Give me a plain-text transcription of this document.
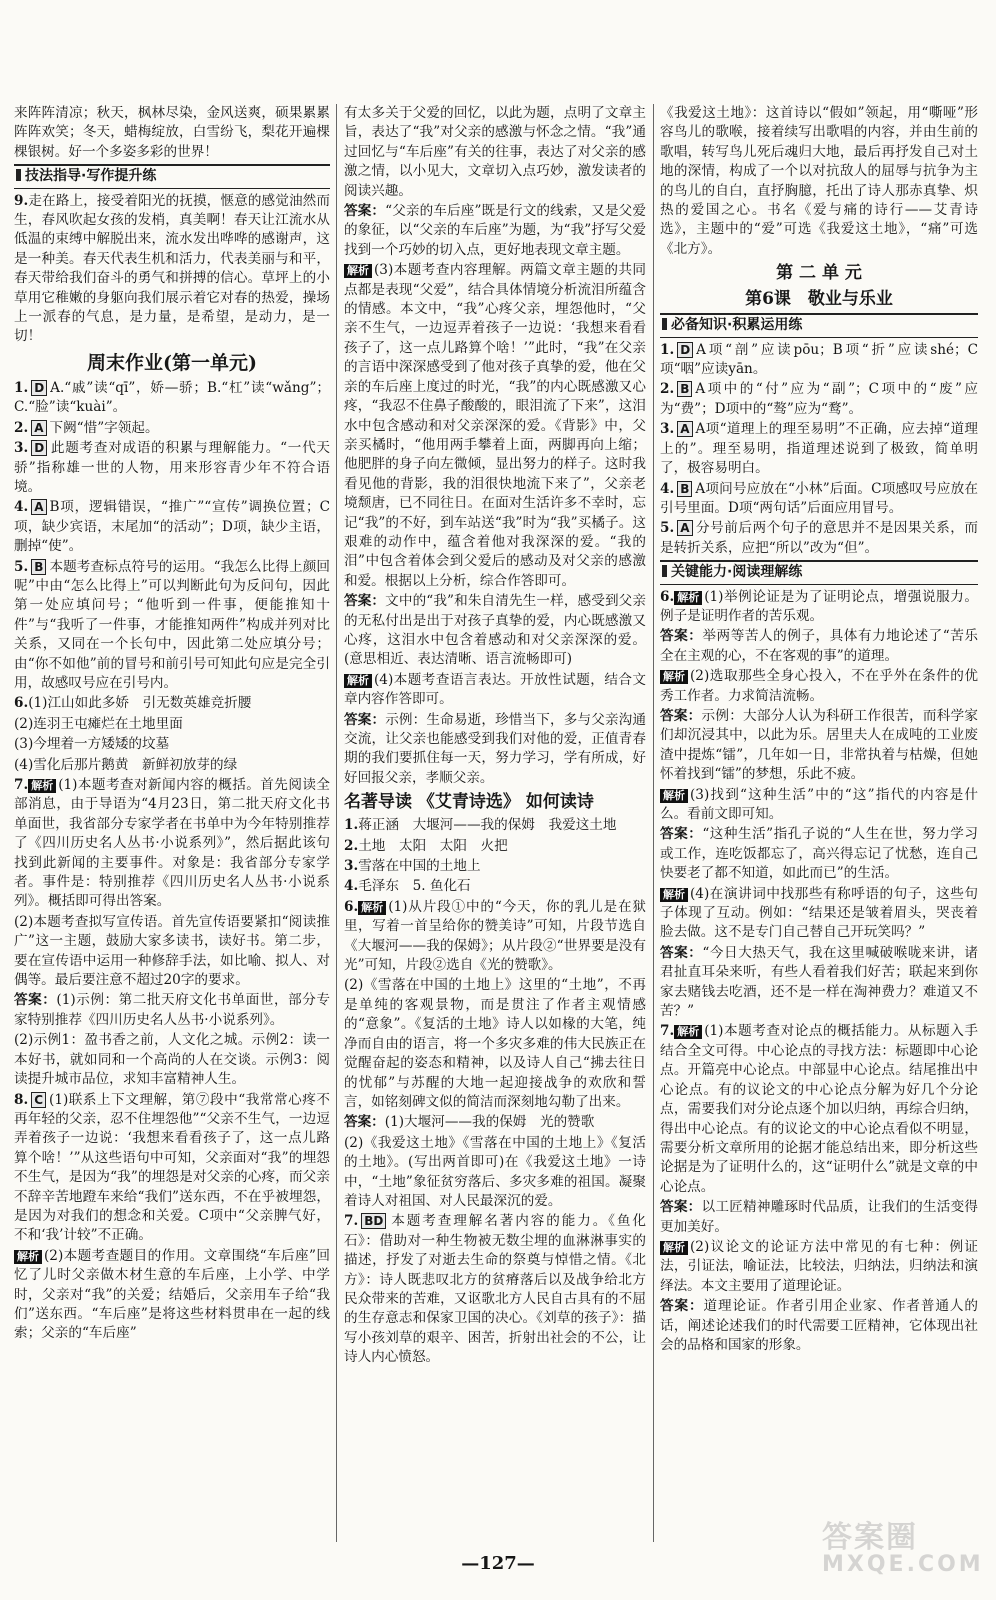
来阵阵清凉；秋天，枫林尽染，金风送爽，硕果累累阵阵欢笑；冬天，蜡梅绽放，白雪纷飞，梨花开遍棵棵银树。好一个多姿多彩的世界！
技法指导·写作提升练
9.走在路上，接受着阳光的抚摸，惬意的感觉油然而生，春风吹起女孩的发梢，真美啊！春天让江流水从低温的束缚中解脱出来，流水发出哗哗的感谢声，这是一种美。春天代表生机和活力，代表美丽与和平，春天带给我们奋斗的勇气和拼搏的信心。草坪上的小草用它稚嫩的身躯向我们展示着它对春的热爱，操场上一派春的气息，是力量，是希望，是动力，是一切！
周末作业(第一单元)
1. D A.“戚”读“qī”，娇—骄；B.“杠”读“wǎng”；C.“脸”读“kuài”。
2. A 下阙“惜”字领起。
3. D 此题考查对成语的积累与理解能力。“一代天骄”指称雄一世的人物，用来形容青少年不符合语境。
4. A B项，逻辑错误，“推广”“宣传”调换位置；C项，缺少宾语，末尾加“的活动”；D项，缺少主语，删掉“使”。
5. B 本题考查标点符号的运用。“我怎么比得上颜回呢”中由“怎么比得上”可以判断此句为反问句，因此第一处应填问号；“他听到一件事，便能推知十件”与“我听了一件事，才能推知两件”构成并列对比关系，又同在一个长句中，因此第二处应填分号；由“你不如他”前的冒号和前引号可知此句应是完全引用，故感叹号应在引号内。
6.(1)江山如此多娇　引无数英雄竞折腰
(2)连羽王屯瘫烂在土地里面
(3)今埋着一方矮矮的坟墓
(4)雪化后那片鹅黄　新鲜初放芽的绿
7. 解析 (1)本题考查对新闻内容的概括。首先阅读全部消息，由于导语为“4月23日，第二批天府文化书单面世，我省部分专家学者在书单中为今年特别推荐了《四川历史名人丛书·小说系列》”，然后据此该句找到此新闻的主要事件。对象是：我省部分专家学者。事件是：特别推荐《四川历史名人丛书·小说系列》。概括即可得出答案。
(2)本题考查拟写宣传语。首先宣传语要紧扣“阅读推广”这一主题，鼓励大家多读书，读好书。第二步，要在宣传语中运用一种修辞手法，如比喻、拟人、对偶等。最后要注意不超过20字的要求。
答案：(1)示例：第二批天府文化书单面世，部分专家特别推荐《四川历史名人丛书·小说系列》。
(2)示例1：盈书香之前，人文化之城。示例2：读一本好书，就如同和一个高尚的人在交谈。示例3：阅读提升城市品位，求知丰富精神人生。
8. C (1)联系上下文理解，第⑦段中“我常常心疼不再年轻的父亲，忍不住埋怨他”“父亲不生气，一边逗弄着孩子一边说：‘我想来看看孩子了，这一点儿路算个啥！’”从这些语句中可知，父亲面对“我”的埋怨不生气，是因为“我”的埋怨是对父亲的心疼，而父亲不辞辛苦地蹬车来给“我们”送东西，不在乎被埋怨，是因为对我们的想念和关爱。C项中“父亲脾气好，不和‘我’计较”不正确。
解析 (2)本题考查题目的作用。文章围绕“车后座”回忆了儿时父亲做木材生意的车后座，上小学、中学时，父亲对“我”的关爱；结婚后，父亲用车子给“我们”送东西。“车后座”是将这些材料贯串在一起的线索；父亲的“车后座”
有太多关于父爱的回忆，以此为题，点明了文章主旨，表达了“我”对父亲的感激与怀念之情。“我”通过回忆与“车后座”有关的往事，表达了对父亲的感激之情，以小见大，文章切入点巧妙，激发读者的阅读兴趣。
答案：“父亲的车后座”既是行文的线索，又是父爱的象征，以“父亲的车后座”为题，为“我”抒写父爱找到一个巧妙的切入点，更好地表现文章主题。
解析 (3)本题考查内容理解。两篇文章主题的共同点都是表现“父爱”，结合具体情境分析流泪所蕴含的情感。本文中，“我”心疼父亲，埋怨他时，“父亲不生气，一边逗弄着孩子一边说：‘我想来看看孩子了，这一点儿路算个啥！’”此时，“我”在父亲的言语中深深感受到了他对孩子真挚的爱，他在父亲的车后座上度过的时光，“我”的内心既感激又心疼，“我忍不住鼻子酸酸的，眼泪流了下来”，这泪水中包含感动和对父亲深深的爱。《背影》中，父亲买橘时，“他用两手攀着上面，两脚再向上缩；他肥胖的身子向左微倾，显出努力的样子。这时我看见他的背影，我的泪很快地流下来了”，父亲老境颓唐，已不同往日。在面对生活许多不幸时，忘记“我”的不好，到车站送“我”时为“我”买橘子。这艰难的动作中，蕴含着他对我深深的爱。“我的泪”中包含着体会到父爱后的感动及对父亲的感激和爱。根据以上分析，综合作答即可。
答案：文中的“我”和朱自清先生一样，感受到父亲的无私付出是出于对孩子真挚的爱，内心既感激又心疼，这泪水中包含着感动和对父亲深深的爱。(意思相近、表达清晰、语言流畅即可)
解析 (4)本题考查语言表达。开放性试题，结合文章内容作答即可。
答案：示例：生命易逝，珍惜当下，多与父亲沟通交流，让父亲也能感受到我们对他的爱，正值青春期的我们要抓住每一天，努力学习，学有所成，好好回报父亲，孝顺父亲。
名著导读 《艾青诗选》 如何读诗
1.蒋正涵　大堰河——我的保姆　我爱这土地
2.土地　太阳　太阳　火把
3.雪落在中国的土地上
4.毛泽东　5. 鱼化石
6. 解析 (1)从片段①中的“今天，你的乳儿是在狱里，写着一首呈给你的赞美诗”可知，片段节选自《大堰河——我的保姆》；从片段②“世界要是没有光”可知，片段②选自《光的赞歌》。
(2)《雪落在中国的土地上》这里的“土地”，不再是单纯的客观景物，而是贯注了作者主观情感的“意象”。《复活的土地》诗人以如椽的大笔，纯净而自由的语言，将一个多灾多难的伟大民族正在觉醒奋起的姿态和精神，以及诗人自己“拂去往日的忧郁”与苏醒的大地一起迎接战争的欢欣和誓言，如铭刻碑文似的简洁而深刻地勾勒了出来。
答案：(1)大堰河——我的保姆　光的赞歌
(2)《我爱这土地》《雪落在中国的土地上》《复活的土地》。(写出两首即可)在《我爱这土地》一诗中，“土地”象征贫穷落后、多灾多难的祖国。凝聚着诗人对祖国、对人民最深沉的爱。
7. BD 本题考查理解名著内容的能力。《鱼化石》：借助对一种生物被无数尘埋的血淋淋事实的描述，抒发了对逝去生命的祭奠与悼惜之情。《北方》：诗人既悲叹北方的贫瘠落后以及战争给北方民众带来的苦难，又讴歌北方人民自古具有的不屈的生存意志和保家卫国的决心。《刘草的孩子》：描写小孩刘草的艰辛、困苦，折射出社会的不公，让诗人内心愤怒。
《我爱这土地》：这首诗以“假如”领起，用“嘶哑”形容鸟儿的歌喉，接着续写出歌唱的内容，并由生前的歌唱，转写鸟儿死后魂归大地，最后再抒发自己对土地的深情，构成了一个以对抗敌人的屈辱与抗争为主的鸟儿的自白，直抒胸臆，托出了诗人那赤真挚、炽热的爱国之心。书名《爱与痛的诗行——艾青诗选》，主题中的“爱”可选《我爱这土地》，“痛”可选《北方》。
第 二 单 元
第6课　敬业与乐业
必备知识·积累运用练
1. D A项“剖”应读pōu；B项“折”应读shé；C项“咽”应读yān。
2. B A项中的“付”应为“副”；C项中的“废”应为“费”；D项中的“骜”应为“鹜”。
3. A A项“道理上的理至易明”不正确，应去掉“道理上的”。理至易明，指道理述说到了极致，简单明了，极容易明白。
4. B A项问号应放在“小林”后面。C项感叹号应放在引号里面。D项“两句话”后面应用冒号。
5. A 分号前后两个句子的意思并不是因果关系，而是转折关系，应把“所以”改为“但”。
关键能力·阅读理解练
6. 解析 (1)举例论证是为了证明论点，增强说服力。例子是证明作者的苦乐观。
答案：举两等苦人的例子，具体有力地论述了“苦乐全在主观的心，不在客观的事”的道理。
解析 (2)选取那些全身心投入，不在乎外在条件的优秀工作者。力求简洁流畅。
答案：示例：大部分人认为科研工作很苦，而科学家们却沉浸其中，以此为乐。居里夫人在成吨的工业废渣中提炼“镭”，几年如一日，非常执着与枯燥，但她怀着找到“镭”的梦想，乐此不疲。
解析 (3)找到“这种生活”中的“这”指代的内容是什么。看前文即可知。
答案：“这种生活”指孔子说的“人生在世，努力学习或工作，连吃饭都忘了，高兴得忘记了忧愁，连自己快要老了都不知道，如此而已”的生活。
解析 (4)在演讲词中找那些有称呼语的句子，这些句子体现了互动。例如：“结果还是皱着眉头，哭丧着脸去做。这不是专门自己替自己开玩笑吗？”
答案：“今日大热天气，我在这里喊破喉咙来讲，诸君扯直耳朵来听，有些人看着我们好苦；联起来到你家去赌钱去吃酒，还不是一样在淘神费力？难道又不苦？”
7. 解析 (1)本题考查对论点的概括能力。从标题入手结合全文可得。中心论点的寻找方法：标题即中心论点。开篇亮中心论点。中部显中心论点。结尾推出中心论点。有的议论文的中心论点分解为好几个分论点，需要我们对分论点逐个加以归纳，再综合归纳，得出中心论点。有的议论文的中心论点看似不明显，需要分析文章所用的论据才能总结出来，即分析这些论据是为了证明什么的，这“证明什么”就是文章的中心论点。
答案：以工匠精神雕琢时代品质，让我们的生活变得更加美好。
解析 (2)议论文的论证方法中常见的有七种：例证法，引证法，喻证法，比较法，归纳法，归纳法和演绎法。本文主要用了道理论证。
答案：道理论证。作者引用企业家、作者普通人的话，阐述论述我们的时代需要工匠精神，它体现出社会的品格和国家的形象。
—127—
答案圈
MXQE.COM
